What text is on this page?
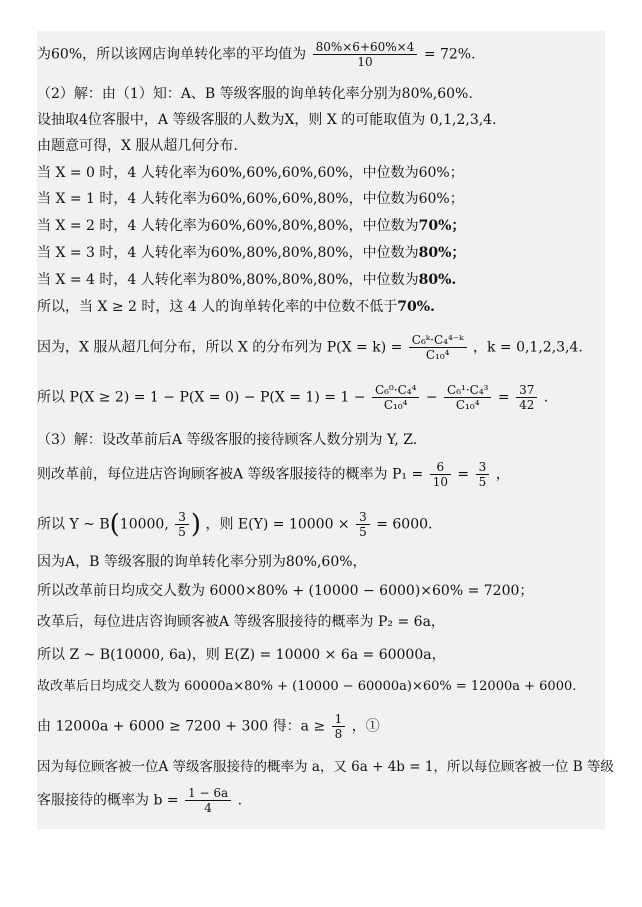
为60%，所以该网店询单转化率的平均值为 $\frac{80\%\times 6+60\%\times 4}{10} = 72\%$.
（2）解：由（1）知：A、B 等级客服的询单转化率分别为80%,60%.
设抽取4位客服中，A 等级客服的人数为X，则 X 的可能取值为 0,1,2,3,4.
由题意可得，X 服从超几何分布.
当 X = 0 时，4 人转化率为60%,60%,60%,60%，中位数为60%；
当 X = 1 时，4 人转化率为60%,60%,60%,80%，中位数为60%；
当 X = 2 时，4 人转化率为60%,60%,80%,80%，中位数为70%；
当 X = 3 时，4 人转化率为60%,80%,80%,80%，中位数为80%；
当 X = 4 时，4 人转化率为80%,80%,80%,80%，中位数为80%.
所以，当 X ≥ 2 时，这 4 人的询单转化率的中位数不低于70%.
因为，X 服从超几何分布，所以 X 的分布列为 $P(X = k) = \frac{\text{C₆ᵏ·C₄⁴⁻ᵏ}}{\text{C₁₀⁴}}$ ，k = 0,1,2,3,4.
所以 $P(X \ge 2) = 1 - P(X = 0) - P(X = 1) = 1 - \frac{\text{C₆⁰·C₄⁴}}{\text{C₁₀⁴}} - \frac{\text{C₆¹·C₄³}}{\text{C₁₀⁴}} = \frac{37}{42}$ .
（3）解：设改革前后A 等级客服的接待顾客人数分别为 Y, Z.
则改革前，每位进店咨询顾客被A 等级客服接待的概率为 $P_1 = \frac{6}{10} = \frac{3}{5}$ ，
所以 Y ~ B(10000, $\frac{3}{5}$ ) ，则 $E(Y) = 10000 \times \frac{3}{5} = 6000$.
因为A，B 等级客服的询单转化率分别为80%,60%，
所以改革前日均成交人数为 6000×80% + (10000 − 6000)×60% = 7200；
改革后，每位进店咨询顾客被A 等级客服接待的概率为 P₂ = 6a，
所以 Z ~ B(10000, 6a)，则 E(Z) = 10000 × 6a = 60000a，
故改革后日均成交人数为 60000a×80% + (10000 − 60000a)×60% = 12000a + 6000.
由 12000a + 6000 ≥ 7200 + 300 得：$a \ge \frac{1}{8}$ ，①
因为每位顾客被一位A 等级客服接待的概率为 a，又 6a + 4b = 1，所以每位顾客被一位 B 等级
客服接待的概率为 $b = \frac{1 - 6a}{4}$ .
